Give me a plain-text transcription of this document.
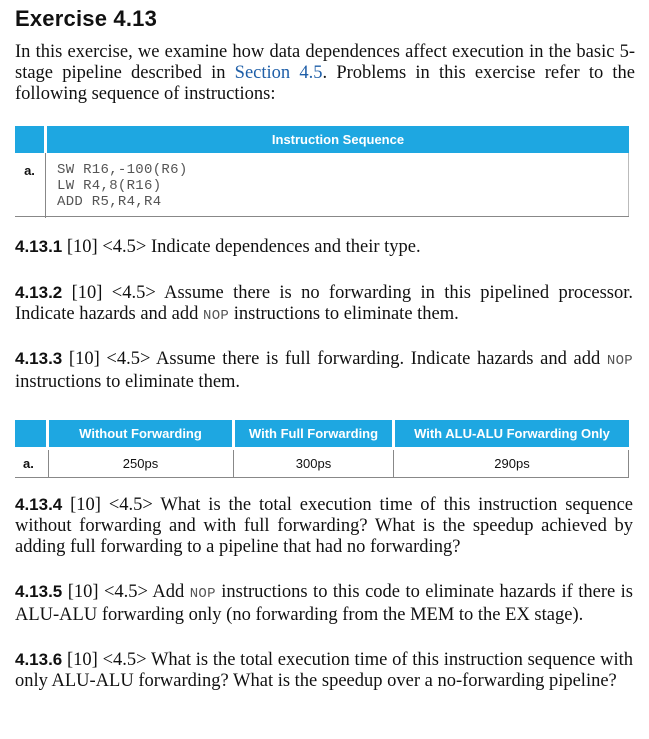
Exercise 4.13
In this exercise, we examine how data dependences affect execution in the basic 5-stage pipeline described in Section 4.5. Problems in this exercise refer to the following sequence of instructions:
Instruction Sequence
a.	SW R16,-100(R6)
LW R4,8(R16)
ADD R5,R4,R4
4.13.1 [10] <4.5> Indicate dependences and their type.
4.13.2 [10] <4.5> Assume there is no forwarding in this pipelined processor. Indicate hazards and add NOP instructions to eliminate them.
4.13.3 [10] <4.5> Assume there is full forwarding. Indicate hazards and add NOP instructions to eliminate them.
Without Forwarding	With Full Forwarding	With ALU-ALU Forwarding Only
a.	250ps	300ps	290ps
4.13.4 [10] <4.5> What is the total execution time of this instruction sequence without forwarding and with full forwarding? What is the speedup achieved by adding full forwarding to a pipeline that had no forwarding?
4.13.5 [10] <4.5> Add NOP instructions to this code to eliminate hazards if there is ALU-ALU forwarding only (no forwarding from the MEM to the EX stage).
4.13.6 [10] <4.5> What is the total execution time of this instruction sequence with only ALU-ALU forwarding? What is the speedup over a no-forwarding pipeline?
